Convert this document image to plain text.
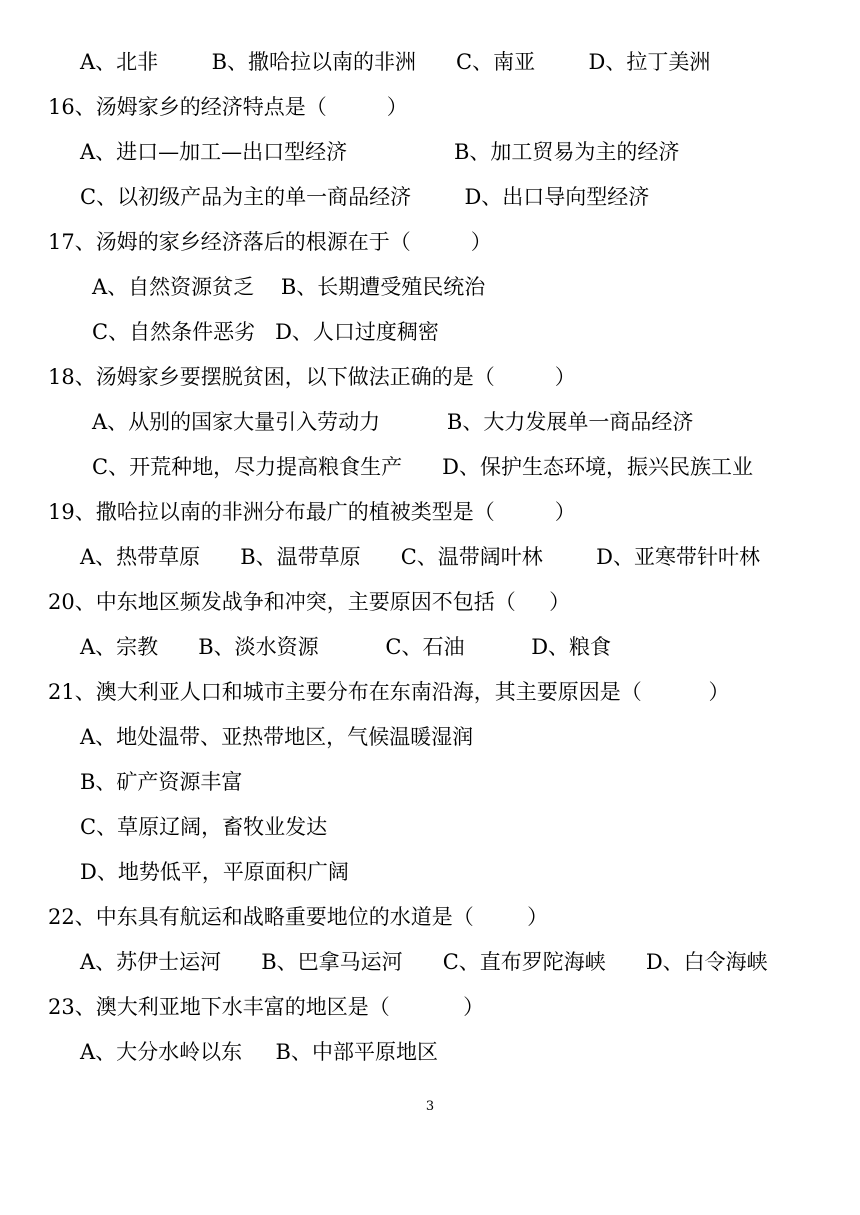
A、北非        B、撒哈拉以南的非洲      C、南亚        D、拉丁美洲
16、汤姆家乡的经济特点是（         ）
A、进口—加工—出口型经济                B、加工贸易为主的经济
C、以初级产品为主的单一商品经济        D、出口导向型经济
17、汤姆的家乡经济落后的根源在于（         ）
A、自然资源贫乏    B、长期遭受殖民统治
C、自然条件恶劣   D、人口过度稠密
18、汤姆家乡要摆脱贫困，以下做法正确的是（         ）
A、从别的国家大量引入劳动力          B、大力发展单一商品经济
C、开荒种地，尽力提高粮食生产      D、保护生态环境，振兴民族工业
19、撒哈拉以南的非洲分布最广的植被类型是（         ）
A、热带草原      B、温带草原      C、温带阔叶林        D、亚寒带针叶林
20、中东地区频发战争和冲突，主要原因不包括（     ）
A、宗教      B、淡水资源          C、石油          D、粮食
21、澳大利亚人口和城市主要分布在东南沿海，其主要原因是（          ）
A、地处温带、亚热带地区，气候温暖湿润
B、矿产资源丰富
C、草原辽阔，畜牧业发达
D、地势低平，平原面积广阔
22、中东具有航运和战略重要地位的水道是（        ）
A、苏伊士运河      B、巴拿马运河      C、直布罗陀海峡      D、白令海峡
23、澳大利亚地下水丰富的地区是（           ）
A、大分水岭以东     B、中部平原地区
3
